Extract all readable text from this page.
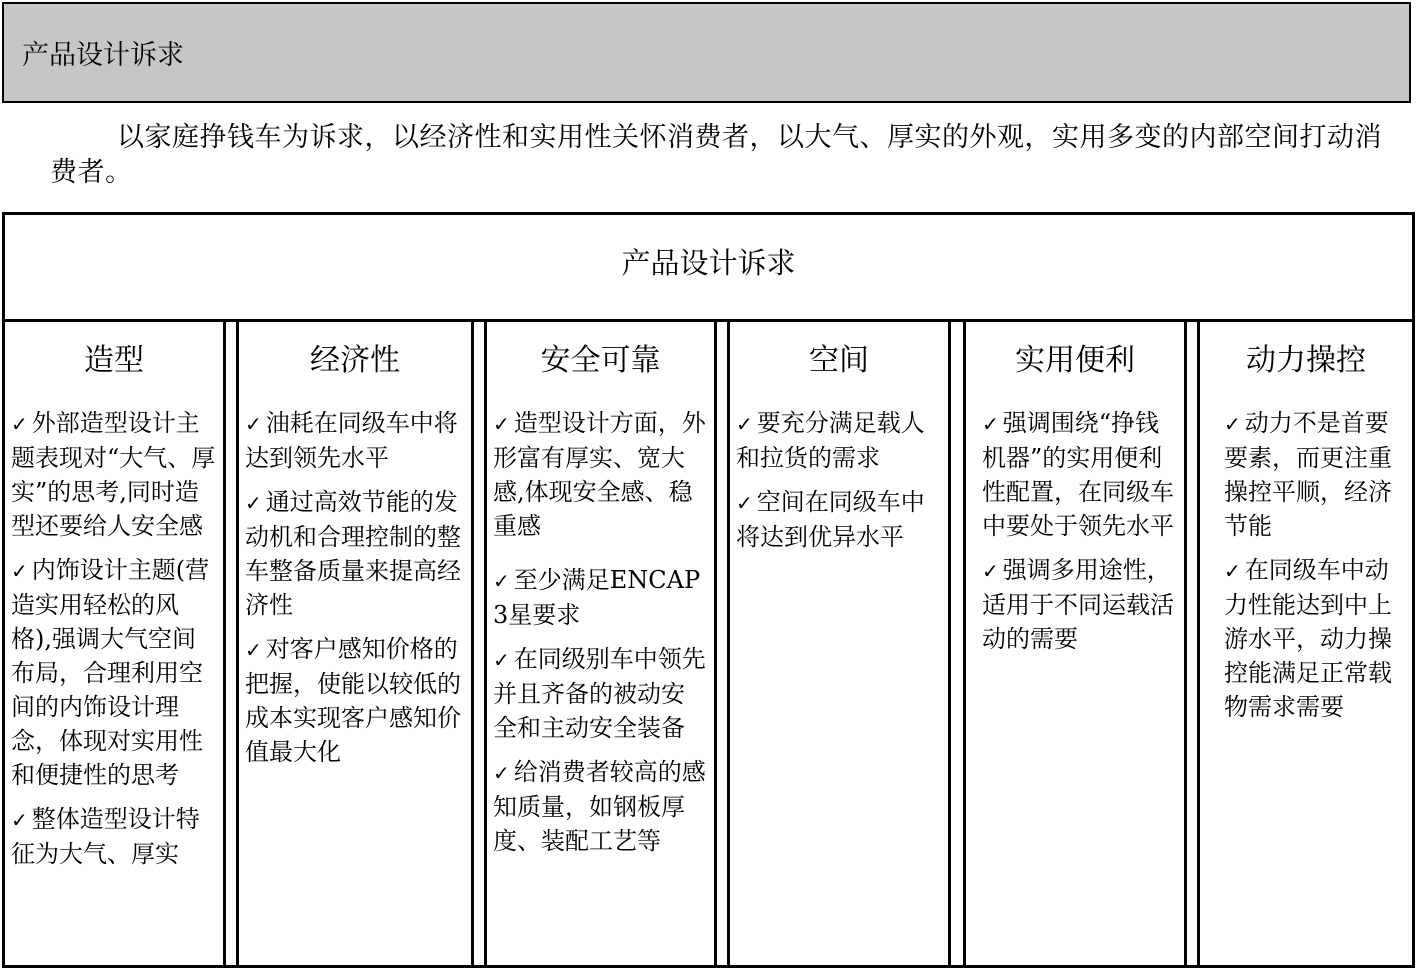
产品设计诉求
以家庭挣钱车为诉求，以经济性和实用性关怀消费者，以大气、厚实的外观，实用多变的内部空间打动消费者。
产品设计诉求
造型
✓ 外部造型设计主题表现对“大气、厚实”的思考,同时造型还要给人安全感
✓ 内饰设计主题(营造实用轻松的风格),强调大气空间布局，合理利用空间的内饰设计理念，体现对实用性和便捷性的思考
✓ 整体造型设计特征为大气、厚实
经济性
✓ 油耗在同级车中将达到领先水平
✓ 通过高效节能的发动机和合理控制的整车整备质量来提高经济性
✓ 对客户感知价格的把握，使能以较低的成本实现客户感知价值最大化
安全可靠
✓ 造型设计方面，外形富有厚实、宽大感,体现安全感、稳重感
✓ 至少满足ENCAP 3星要求
✓ 在同级别车中领先并且齐备的被动安全和主动安全装备
✓ 给消费者较高的感知质量，如钢板厚度、装配工艺等
空间
✓ 要充分满足载人和拉货的需求
✓ 空间在同级车中将达到优异水平
实用便利
✓ 强调围绕“挣钱机器”的实用便利性配置，在同级车中要处于领先水平
✓ 强调多用途性，适用于不同运载活动的需要
动力操控
✓ 动力不是首要要素，而更注重操控平顺，经济节能
✓ 在同级车中动力性能达到中上游水平，动力操控能满足正常载物需求需要
